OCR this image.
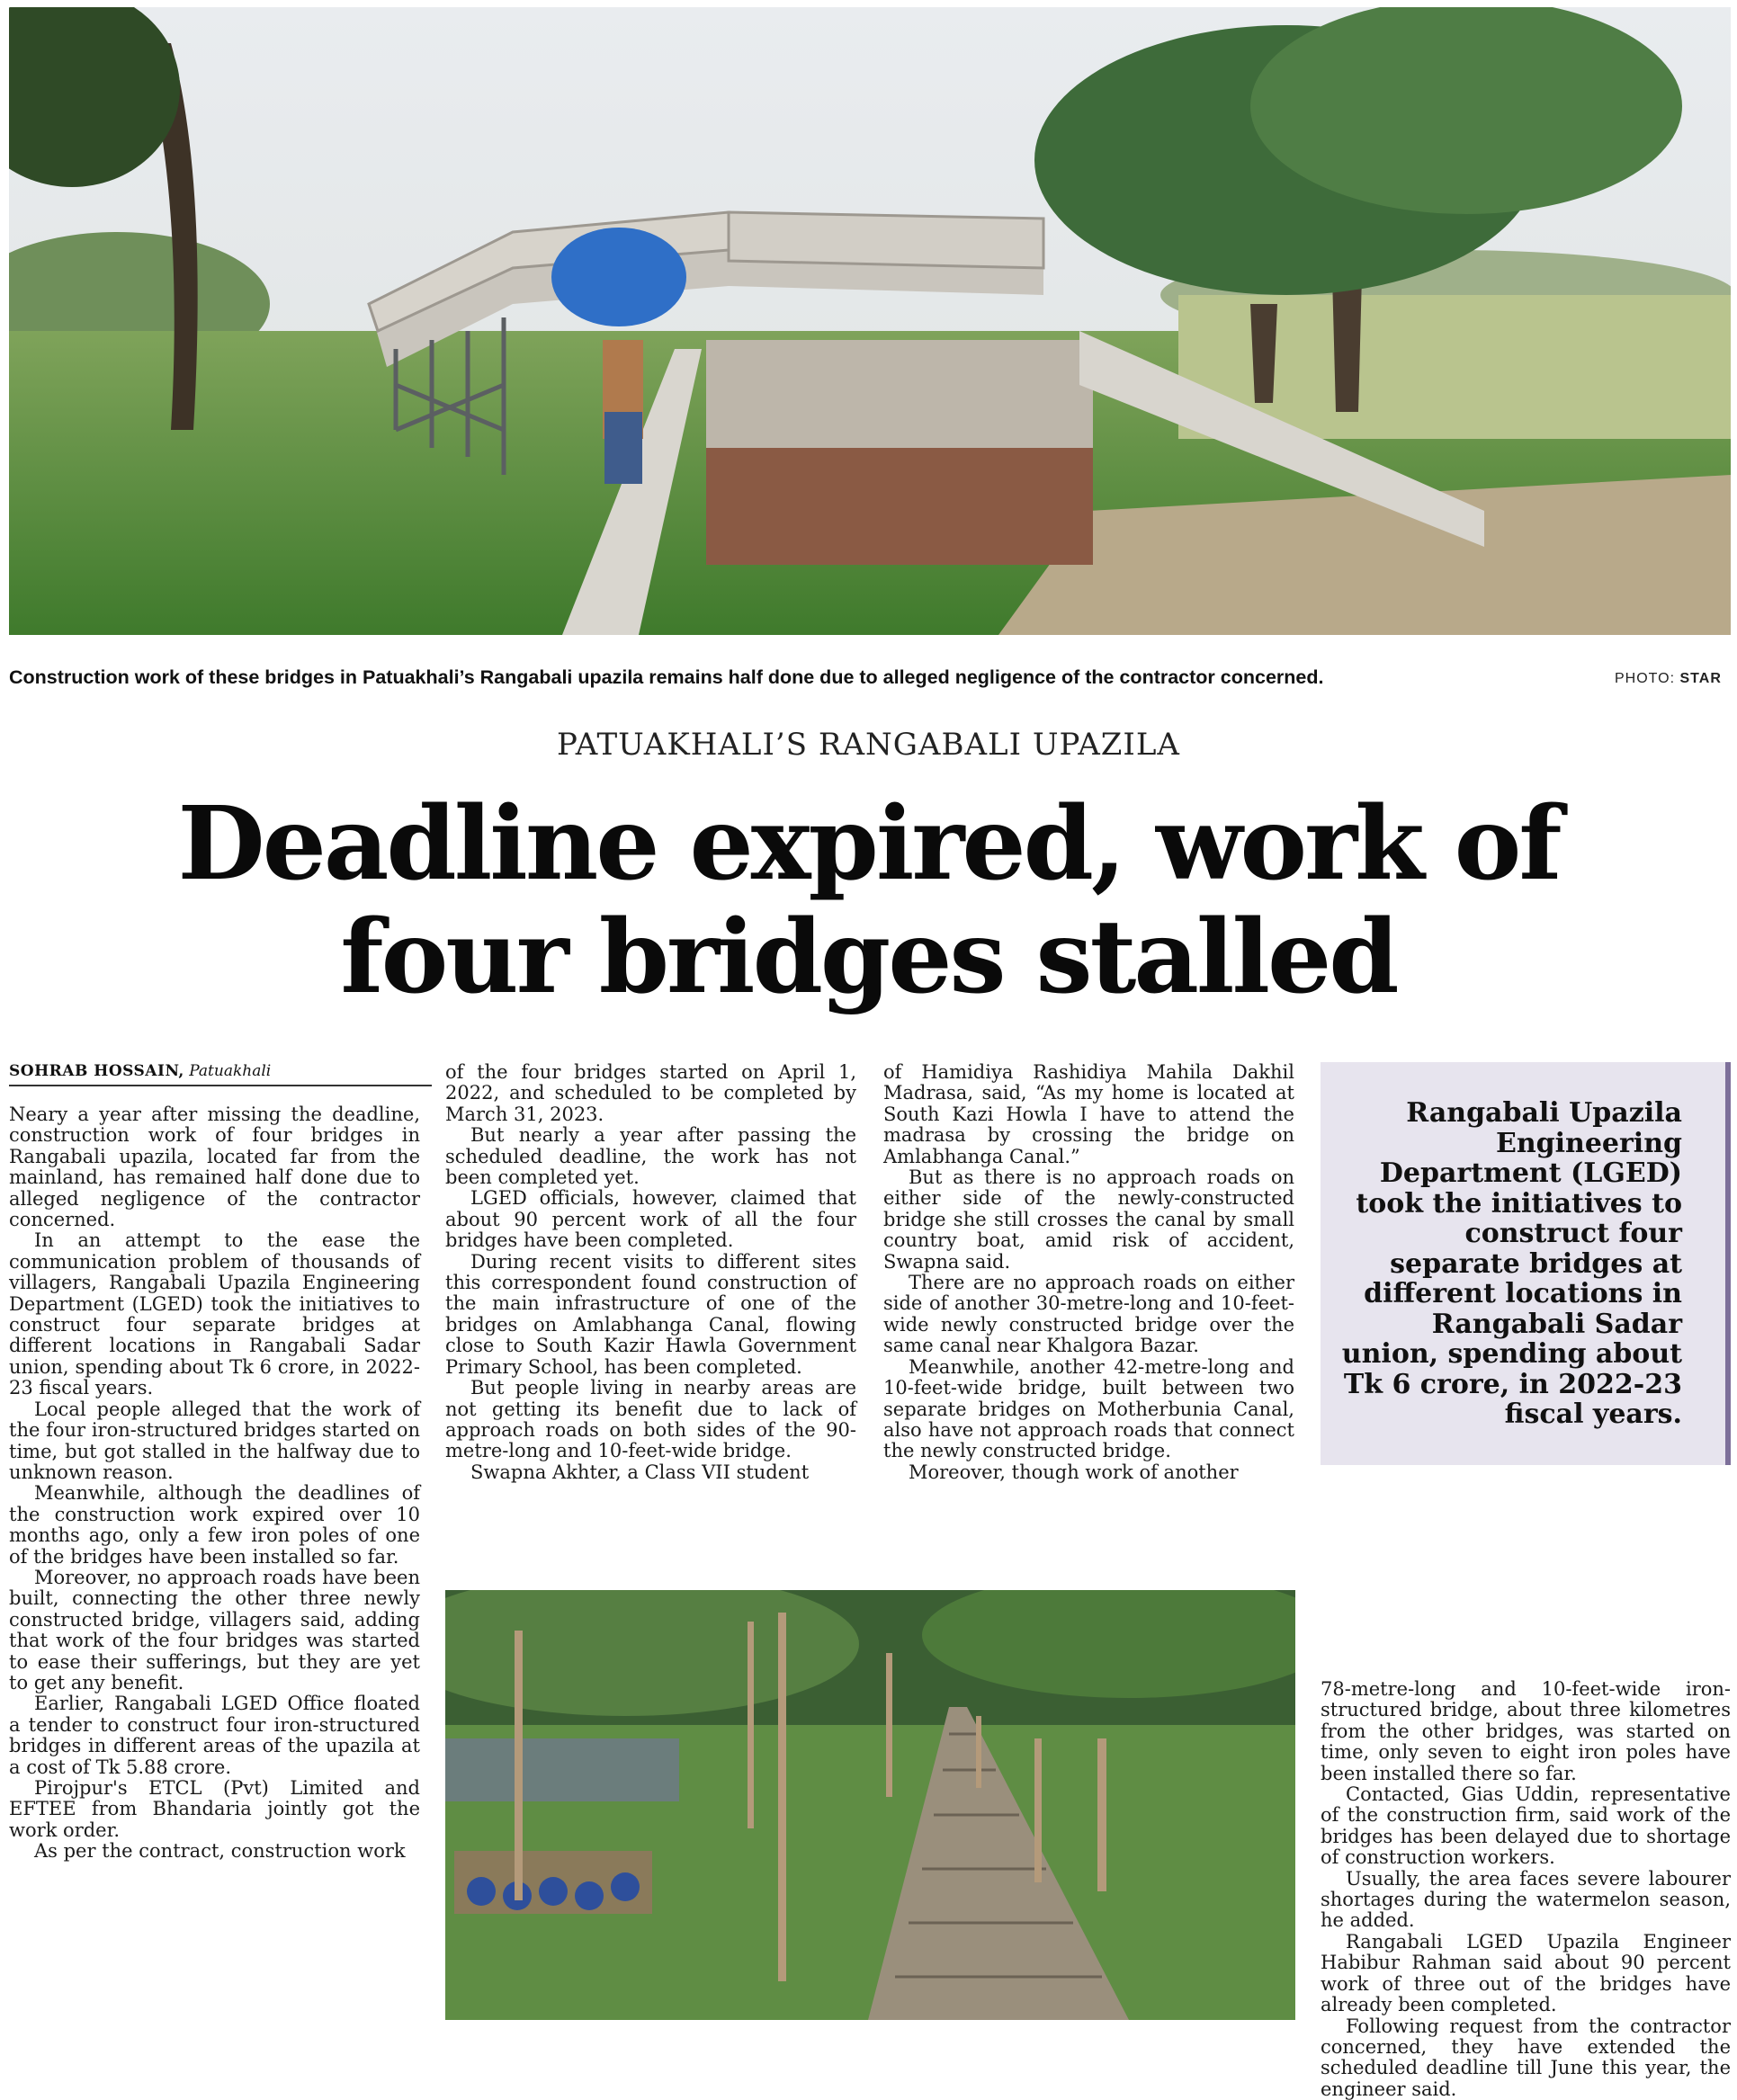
Construction work of these bridges in Patuakhali’s Rangabali upazila remains half done due to alleged negligence of the contractor concerned.	PHOTO: STAR
PATUAKHALI’S RANGABALI UPAZILA
Deadline expired, work of
four bridges stalled
SOHRAB HOSSAIN, Patuakhali

Neary a year after missing the deadline, construction work of four bridges in Rangabali upazila, located far from the mainland, has remained half done due to alleged negligence of the contractor concerned.

In an attempt to the ease the communication problem of thousands of villagers, Rangabali Upazila Engineering Department (LGED) took the initiatives to construct four separate bridges at different locations in Rangabali Sadar union, spending about Tk 6 crore, in 2022-23 fiscal years.

Local people alleged that the work of the four iron-structured bridges started on time, but got stalled in the halfway due to unknown reason.

Meanwhile, although the deadlines of the construction work expired over 10 months ago, only a few iron poles of one of the bridges have been installed so far.

Moreover, no approach roads have been built, connecting the other three newly constructed bridge, villagers said, adding that work of the four bridges was started to ease their sufferings, but they are yet to get any benefit.

Earlier, Rangabali LGED Office floated a tender to construct four iron-structured bridges in different areas of the upazila at a cost of Tk 5.88 crore.

Pirojpur's ETCL (Pvt) Limited and EFTEE from Bhandaria jointly got the work order.

As per the contract, construction work

of the four bridges started on April 1, 2022, and scheduled to be completed by March 31, 2023.

But nearly a year after passing the scheduled deadline, the work has not been completed yet.

LGED officials, however, claimed that about 90 percent work of all the four bridges have been completed.

During recent visits to different sites this correspondent found construction of the main infrastructure of one of the bridges on Amlabhanga Canal, flowing close to South Kazir Hawla Government Primary School, has been completed.

But people living in nearby areas are not getting its benefit due to lack of approach roads on both sides of the 90-metre-long and 10-feet-wide bridge.

Swapna Akhter, a Class VII student

of Hamidiya Rashidiya Mahila Dakhil Madrasa, said, “As my home is located at South Kazi Howla I have to attend the madrasa by crossing the bridge on Amlabhanga Canal.”

But as there is no approach roads on either side of the newly-constructed bridge she still crosses the canal by small country boat, amid risk of accident, Swapna said.

There are no approach roads on either side of another 30-metre-long and 10-feet-wide newly constructed bridge over the same canal near Khalgora Bazar.

Meanwhile, another 42-metre-long and 10-feet-wide bridge, built between two separate bridges on Motherbunia Canal, also have not approach roads that connect the newly constructed bridge.

Moreover, though work of another

Rangabali Upazila Engineering Department (LGED) took the initiatives to construct four separate bridges at different locations in Rangabali Sadar union, spending about Tk 6 crore, in 2022-23 fiscal years.

78-metre-long and 10-feet-wide iron-structured bridge, about three kilometres from the other bridges, was started on time, only seven to eight iron poles have been installed there so far.

Contacted, Gias Uddin, representative of the construction firm, said work of the bridges has been delayed due to shortage of construction workers.

Usually, the area faces severe labourer shortages during the watermelon season, he added.

Rangabali LGED Upazila Engineer Habibur Rahman said about 90 percent work of three out of the bridges have already been completed.

Following request from the contractor concerned, they have extended the scheduled deadline till June this year, the engineer said.
